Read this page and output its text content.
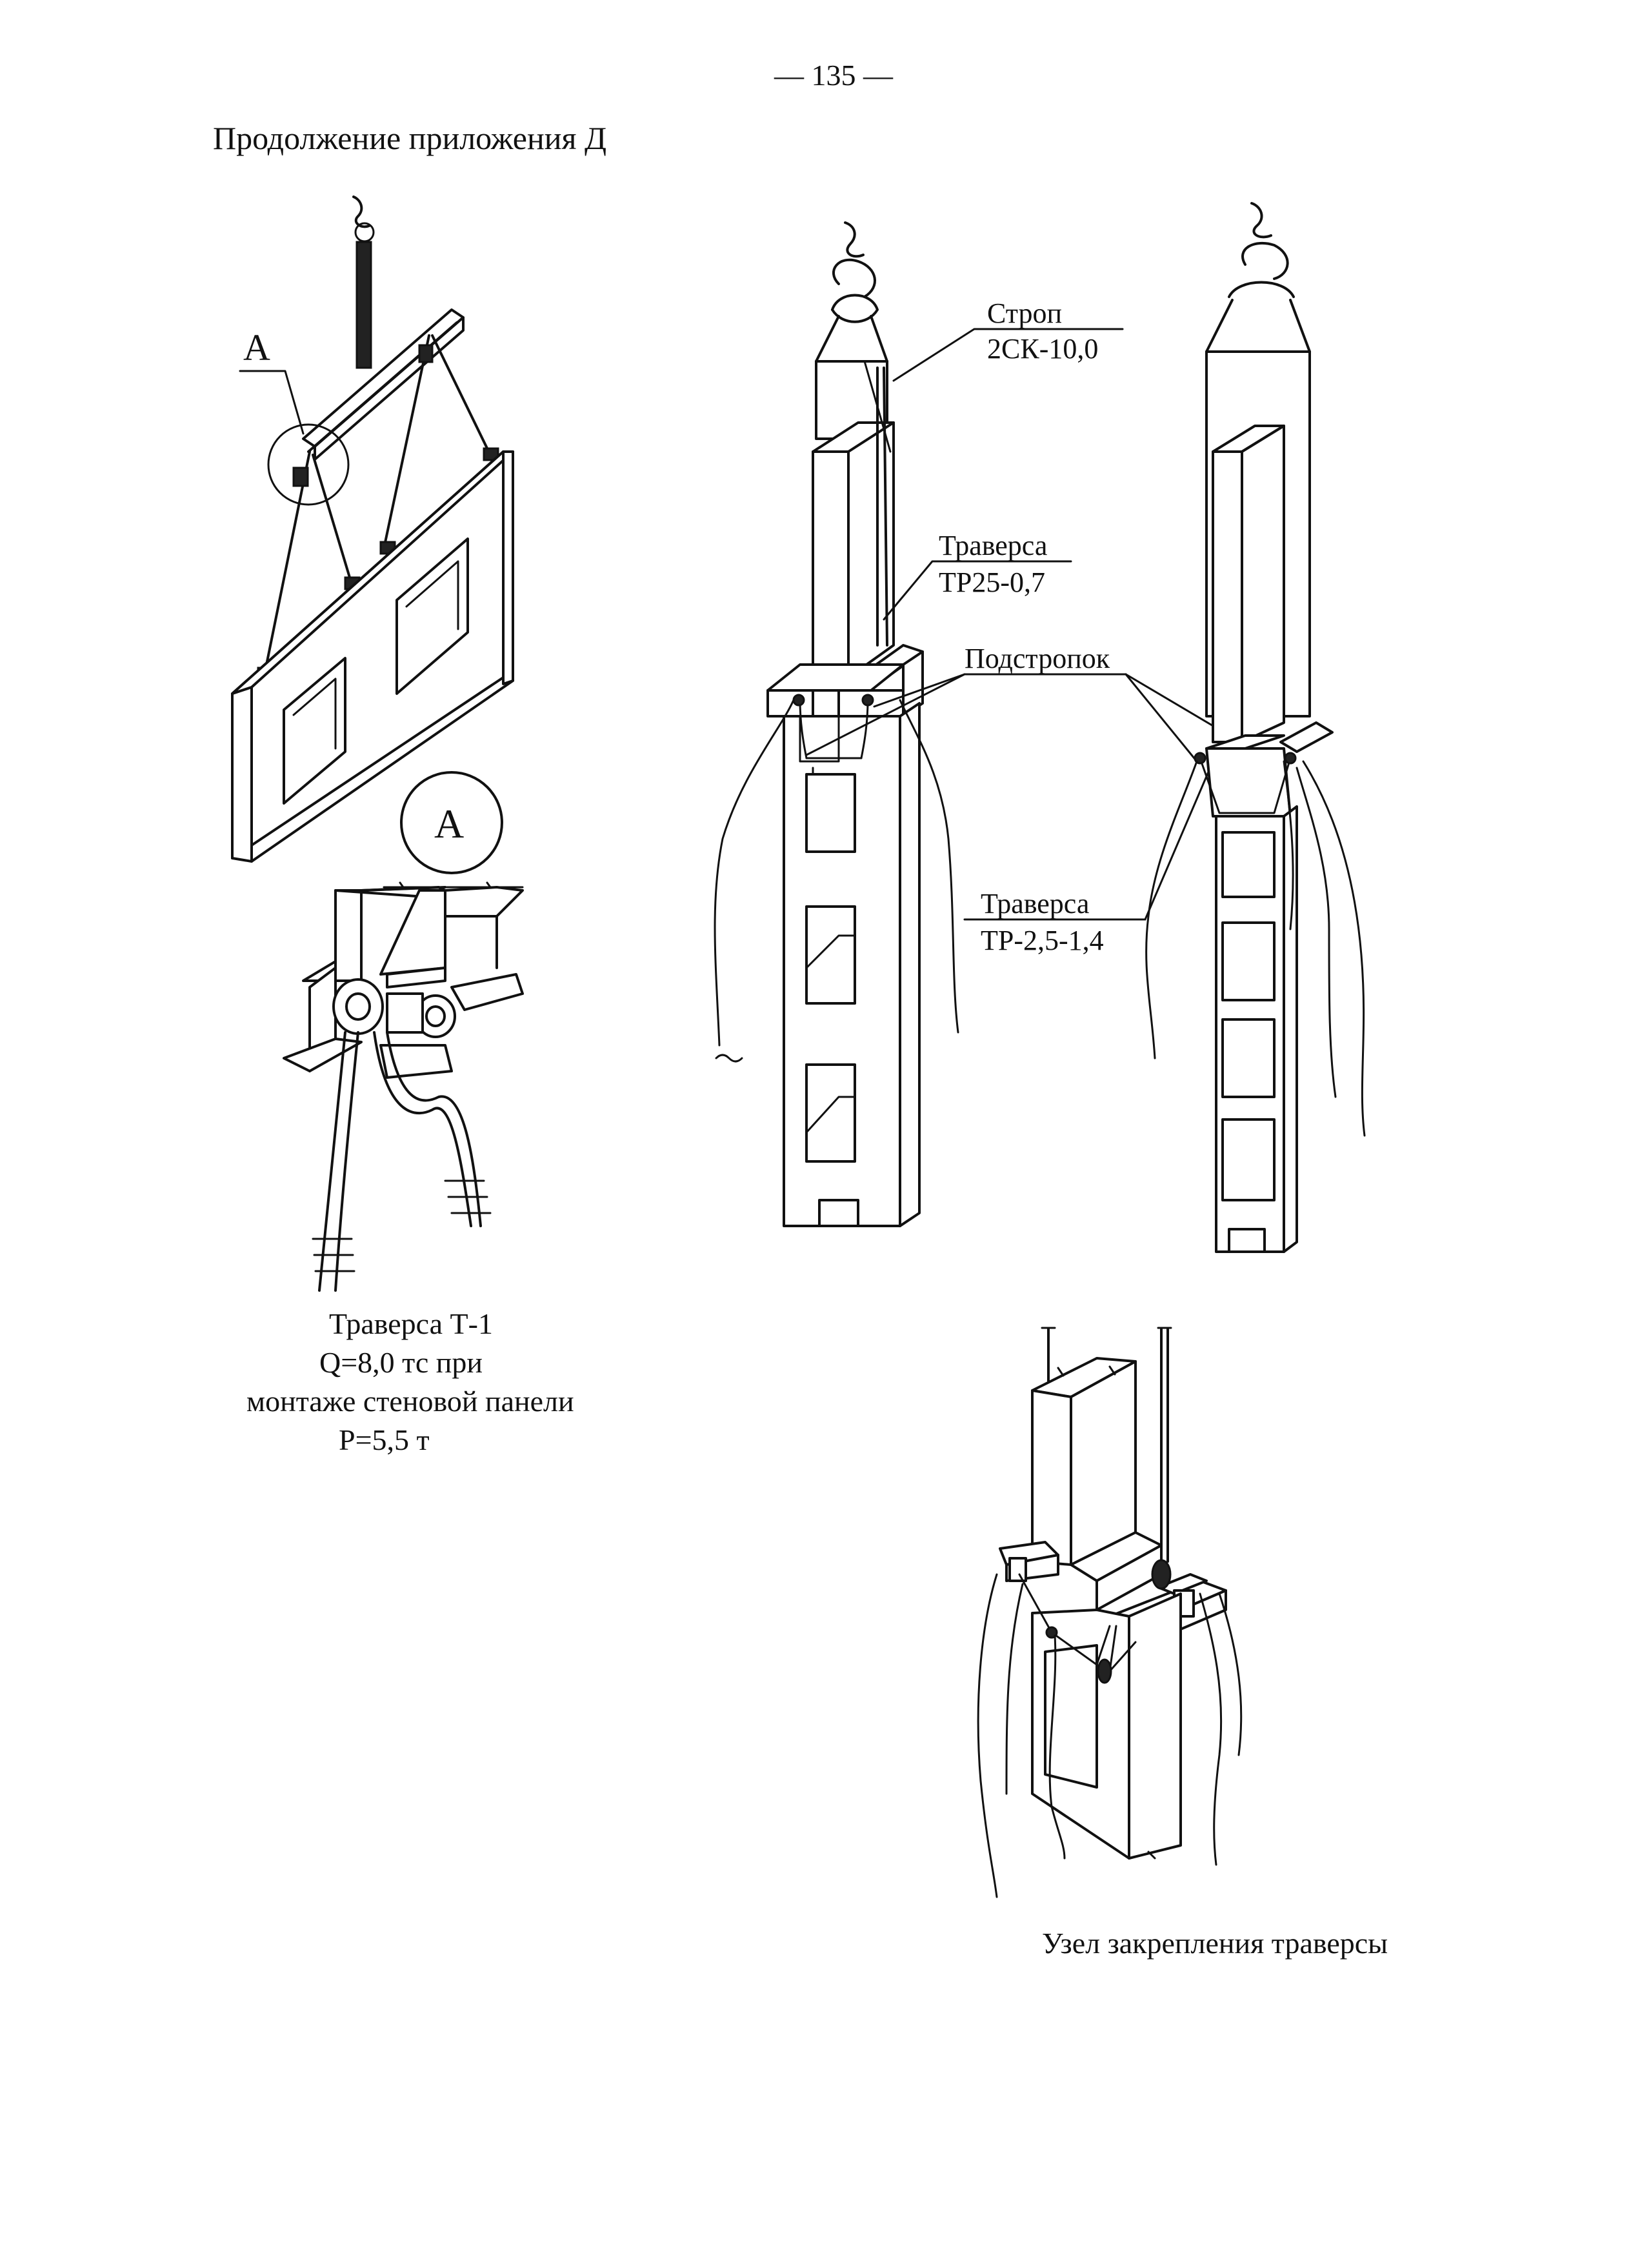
— 135 —
Продолжение приложения Д
А
А
Траверса Т-1
Q=8,0 тс при
монтаже стеновой панели
Р=5,5 т
Строп
2СК-10,0
Траверса
ТР25-0,7
Подстропок
Траверса
ТР-2,5-1,4
Узел закрепления траверсы
